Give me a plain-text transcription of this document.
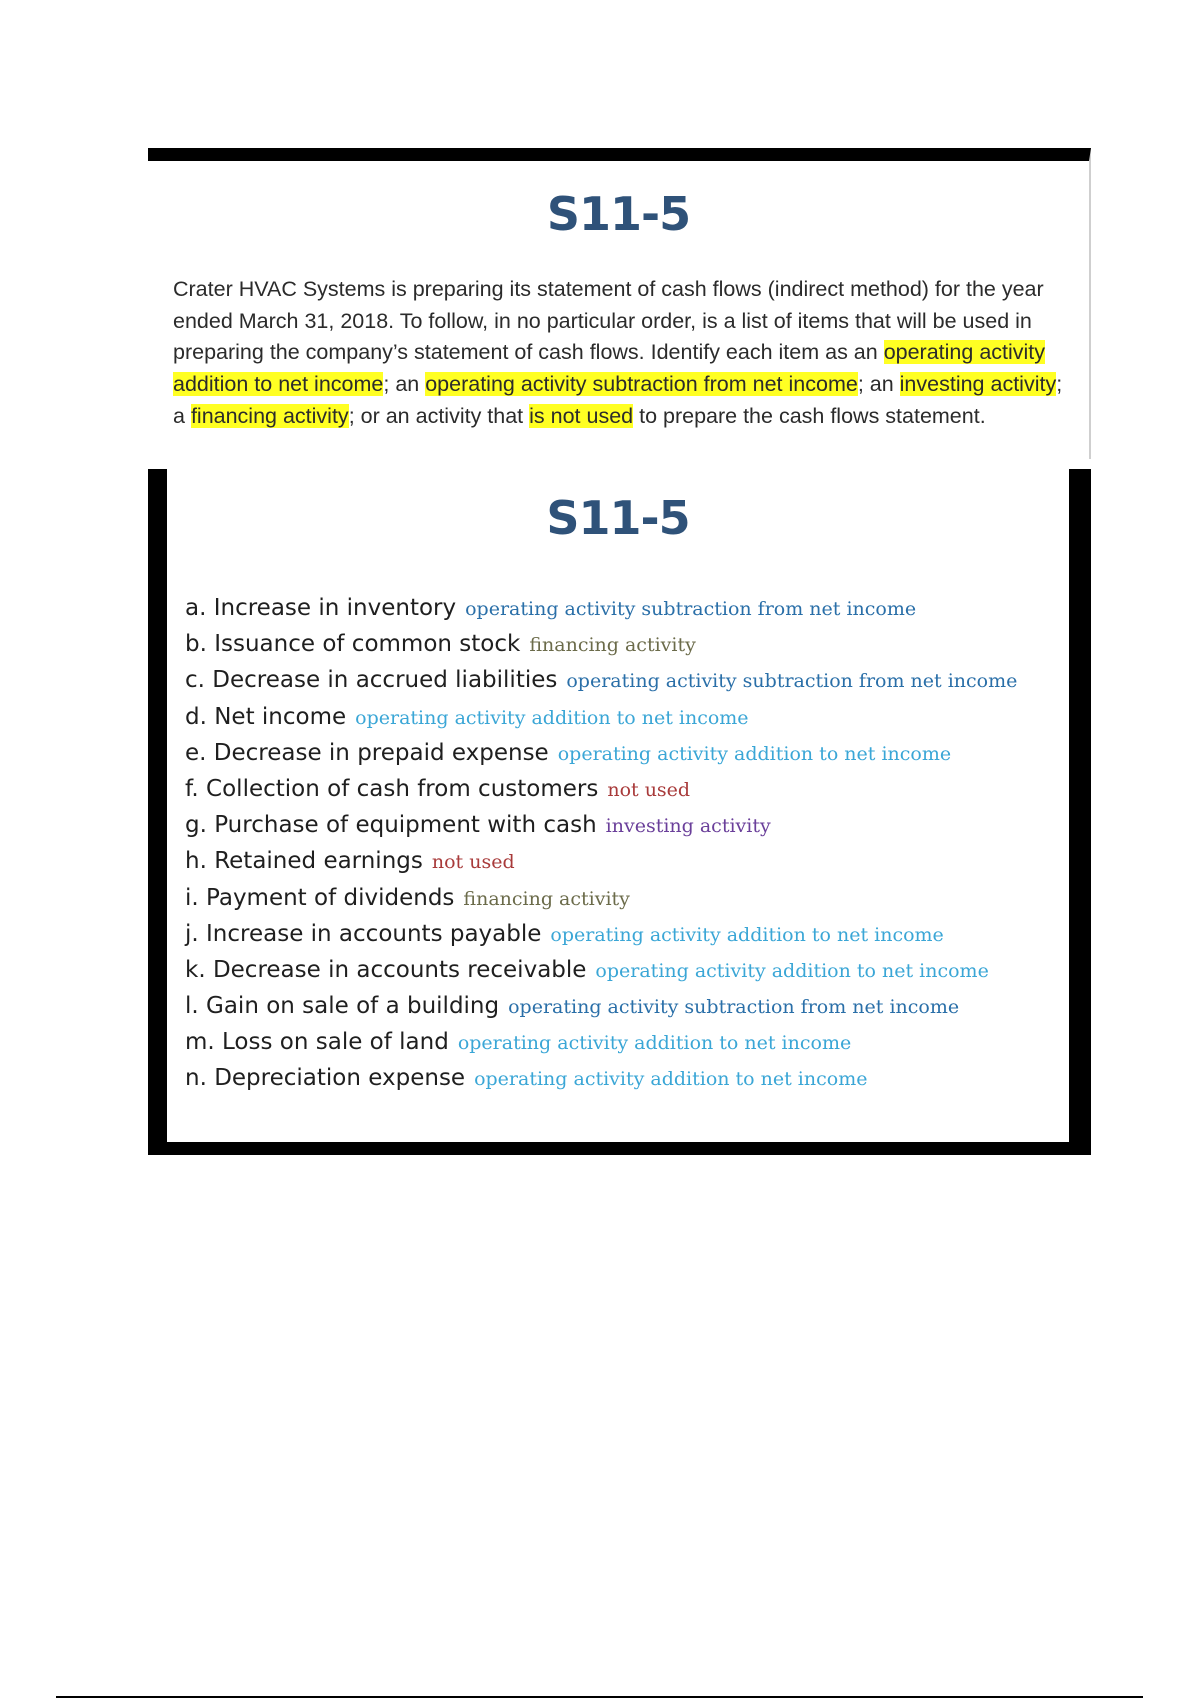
S11-5

Crater HVAC Systems is preparing its statement of cash flows (indirect method) for the year ended March 31, 2018. To follow, in no particular order, is a list of items that will be used in preparing the company’s statement of cash flows. Identify each item as an operating activity addition to net income; an operating activity subtraction from net income; an investing activity; a financing activity; or an activity that is not used to prepare the cash flows statement.

S11-5
a. Increase in inventory operating activity subtraction from net income
b. Issuance of common stock financing activity
c. Decrease in accrued liabilities operating activity subtraction from net income
d. Net income operating activity addition to net income
e. Decrease in prepaid expense operating activity addition to net income
f. Collection of cash from customers not used
g. Purchase of equipment with cash investing activity
h. Retained earnings not used
i. Payment of dividends financing activity
j. Increase in accounts payable operating activity addition to net income
k. Decrease in accounts receivable operating activity addition to net income
l. Gain on sale of a building operating activity subtraction from net income
m. Loss on sale of land operating activity addition to net income
n. Depreciation expense operating activity addition to net income
